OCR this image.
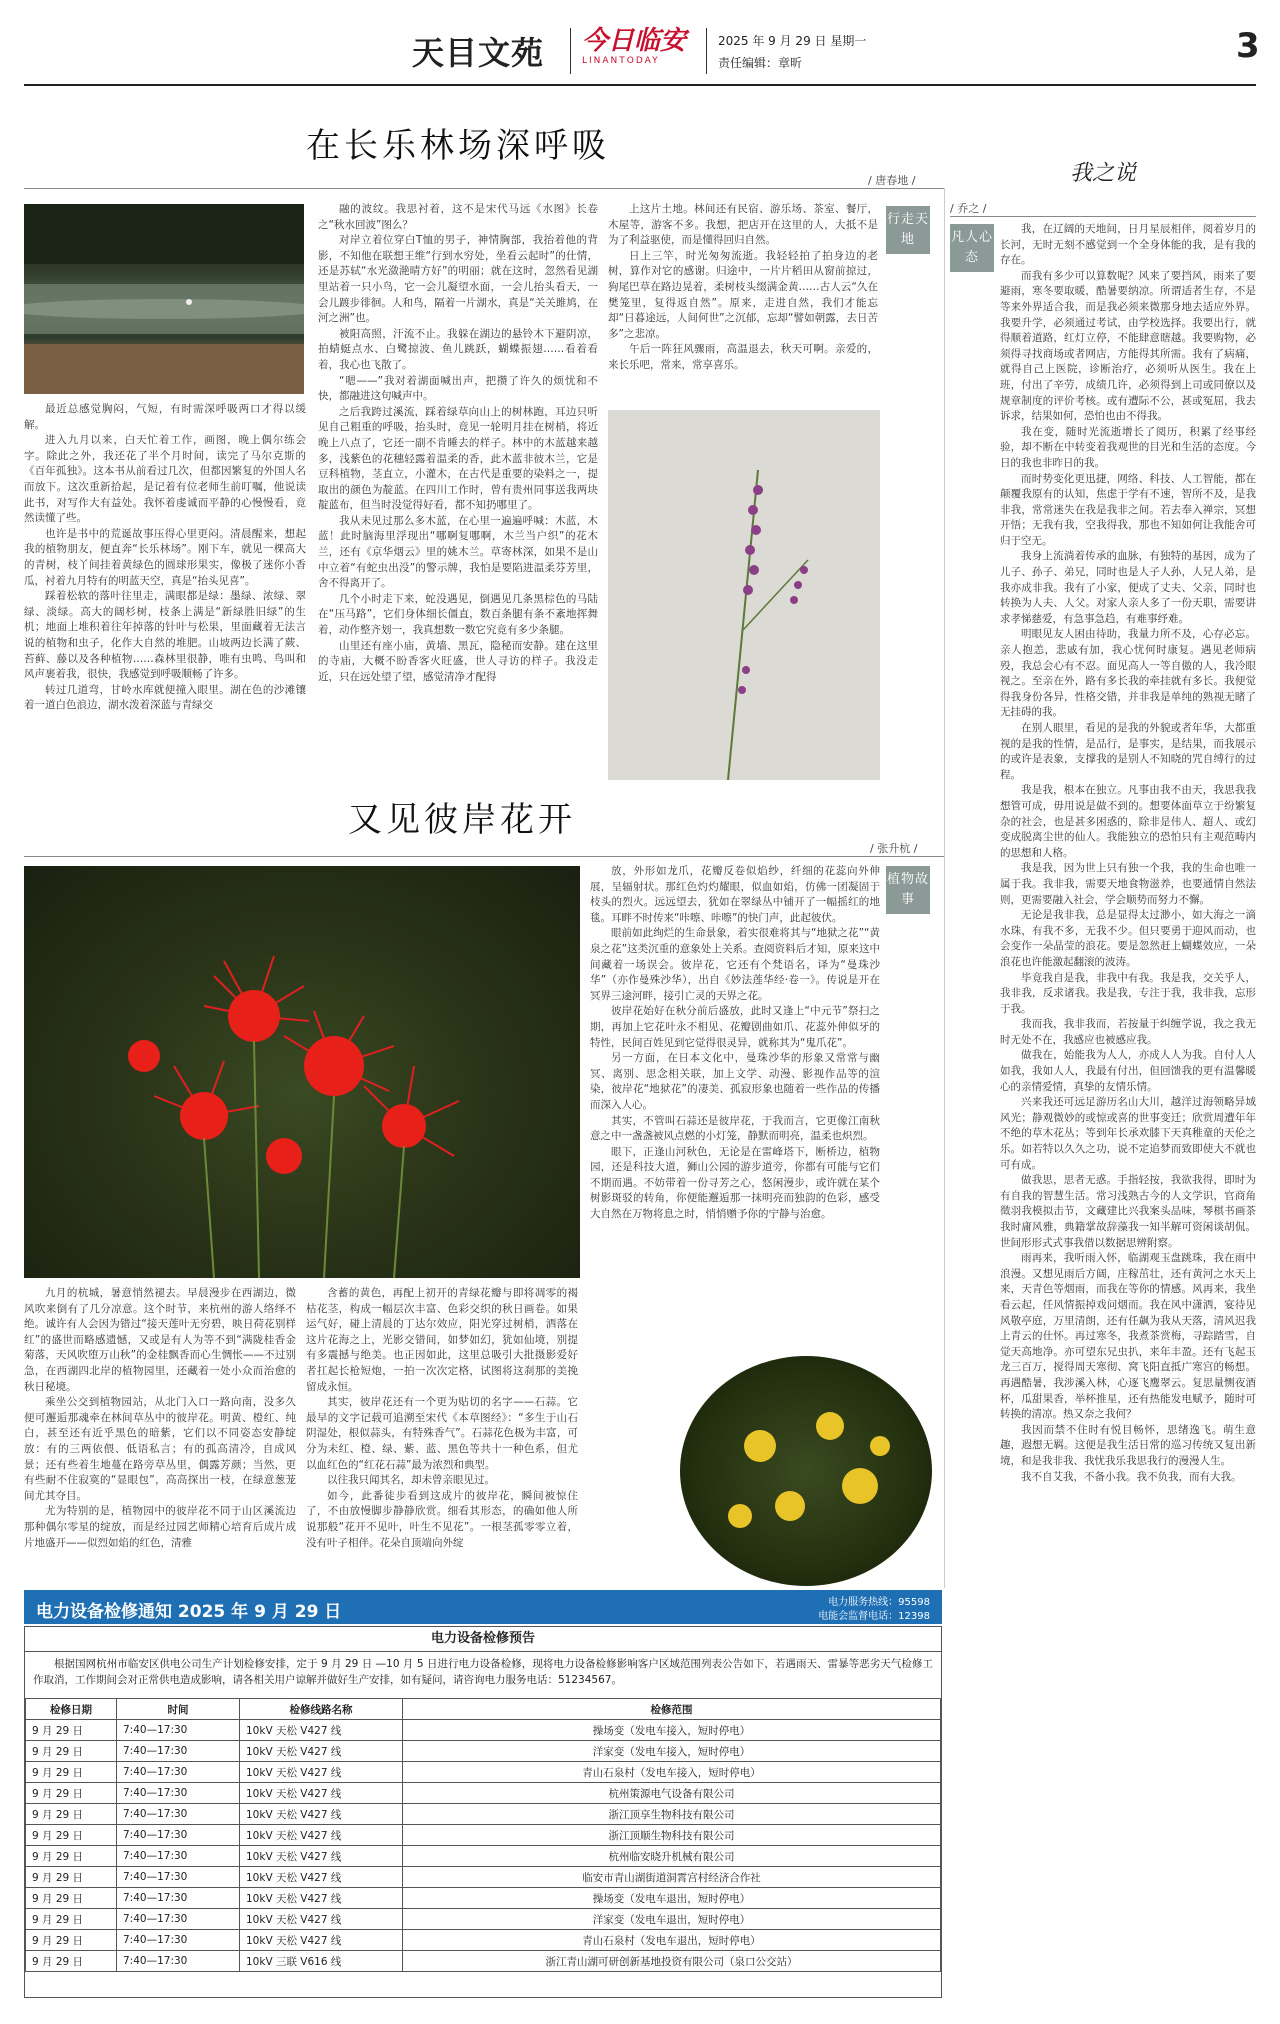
天目文苑 今日临安
LINANTODAY
2025 年 9 月 29 日 星期一
责任编辑：章昕	3
在长乐林场深呼吸
/ 唐春地 /

最近总感觉胸闷，气短，有时需深呼吸两口才得以缓解。

进入九月以来，白天忙着工作，画图，晚上偶尔练会字。除此之外，我还花了半个月时间，读完了马尔克斯的《百年孤独》。这本书从前看过几次，但都因繁复的外国人名而放下。这次重新拾起，是记着有位老师生前叮嘱，他说读此书，对写作大有益处。我怀着虔诚而平静的心慢慢看，竟然读懂了些。

也许是书中的荒诞故事压得心里更闷。清晨醒来，想起我的植物朋友，便直奔“长乐林场”。刚下车，就见一棵高大的青树，枝丫间挂着黄绿色的圆球形果实，像极了迷你小香瓜，衬着九月特有的明蓝天空，真是“抬头见喜”。

踩着松软的落叶往里走，满眼都是绿：墨绿、浓绿、翠绿、淡绿。高大的阔杉树，枝条上满是“新绿胜旧绿”的生机；地面上堆积着往年掉落的针叶与松果，里面藏着无法言说的植物和虫子，化作大自然的堆肥。山坡两边长满了蕨、苔藓、藤以及各种植物……森林里很静，唯有虫鸣、鸟叫和风声裹着我，很快，我感觉到呼吸顺畅了许多。

转过几道弯，甘岭水库就便撞入眼里。湖在色的沙滩镶着一道白色浪边，湖水泼着深蓝与青绿交

融的波纹。我思衬着，这不是宋代马远《水图》长卷之“秋水回波”图么？

对岸立着位穿白T恤的男子，神情胸部，我抬着他的背影，不知他在联想王维“行到水穷处，坐看云起时”的仕情，还是苏轼“水光潋滟晴方好”的明丽；就在这时，忽然看见湖里站着一只小鸟，它一会儿凝望水面，一会儿抬头看天，一会儿踱步徘徊。人和鸟，隔着一片湖水，真是“关关雎鸠，在河之洲”也。

被阳高照，汗流不止。我躲在湖边的悬铃木下避阴凉，拍蜻蜓点水、白鹭掠波、鱼儿跳跃，蝴蝶振翅……看着看着，我心也飞散了。

“嗯——”我对着湖面喊出声，把攒了许久的烦忧和不快，都融进这句喊声中。

之后我跨过溪流，踩着绿草向山上的树林跑，耳边只听见自己粗重的呼吸，抬头时，竟见一轮明月挂在树梢，将近晚上八点了，它还一副不肯睡去的样子。林中的木蓝越来越多，浅紫色的花穗轻露着温柔的香，此木蓝非彼木兰，它是豆科植物，茎直立，小灌木，在古代是重要的染料之一，提取出的颜色为靛蓝。在四川工作时，曾有贵州同事送我两块靛蓝布，但当时没觉得好看，都不知扔哪里了。

我从未见过那么多木蓝，在心里一遍遍呼喊：木蓝，木蓝！此时脑海里浮现出“哪啊复哪啊，木兰当户织”的花木兰，还有《京华烟云》里的姚木兰。草寄林深，如果不是山中立着“有蛇虫出没”的警示牌，我怕是要陷进温柔芬芳里，舍不得离开了。

几个小时走下来，蛇没遇见，倒遇见几条黑棕色的马陆在“压马路”，它们身体细长僵直，数百条腿有条不紊地挥舞着，动作整齐划一，我真想数一数它究竟有多少条腿。

山里还有座小庙，黄墙、黑瓦，隐秘而安静。建在这里的寺庙，大概不盼香客火旺盛，世人寻访的样子。我没走近，只在远处望了望，感觉清净才配得

上这片土地。林间还有民宿、游乐场、茶室、餐厅，木屋等，游客不多。我想，把店开在这里的人，大抵不是为了利益驱使，而是懂得回归自然。

日上三竿，时光匆匆流逝。我轻轻拍了拍身边的老树，算作对它的感谢。归途中，一片片稻田从窗前掠过，狗尾巴草在路边晃着，柔树枝头缀满金黄……古人云“久在樊笼里，复得返自然”。原来，走进自然，我们才能忘却“日暮途远，人间何世”之沉郁，忘却“譬如朝露，去日苦多”之悲凉。

午后一阵狂风骤雨，高温退去，秋天可啊。亲爱的，来长乐吧，常来，常享喜乐。

行走天地
又见彼岸花开
/ 张升杭 /

放，外形如龙爪，花瓣反卷似焰纱，纤细的花蕊向外伸展，呈辐射状。那红色灼灼耀眼，似血如焰，仿佛一团凝固于枝头的烈火。远远望去，犹如在翠绿丛中铺开了一幅摇红的地毯。耳畔不时传来“咔嚓、咔嚓”的快门声，此起彼伏。

眼前如此绚烂的生命景象，着实很难将其与“地狱之花”“黄泉之花”这类沉重的意象处上关系。查阅资料后才知，原来这中间藏着一场误会。彼岸花，它还有个梵语名，译为“曼珠沙华”（亦作曼殊沙华），出自《妙法莲华经·卷一》。传说是开在冥界三途河畔，接引亡灵的天界之花。

彼岸花始好在秋分前后盛放，此时又逢上“中元节”祭扫之期，再加上它花叶永不相见、花瓣剧曲如爪、花蕊外伸似牙的特性，民间百姓见到它觉得很灵异，就称其为“鬼爪花”。

另一方面，在日本文化中，曼珠沙华的形象又常常与幽冥、离别、思念相关联，加上文学、动漫、影视作品等的渲染，彼岸花“地狱花”的凄美、孤寂形象也随着一些作品的传播而深入人心。

其实，不管叫石蒜还是彼岸花，于我而言，它更像江南秋意之中一盏盏被风点燃的小灯笼，静默而明亮，温柔也炽烈。

眼下，正逢山河秋色，无论是在雷峰塔下，断桥边，植物园，还是科技大道，狮山公园的游步道旁，你都有可能与它们不期而遇。不妨带着一份寻芳之心，悠闲漫步，或许就在某个树影斑驳的转角，你便能邂逅那一抹明亮而独韵的色彩，感受大自然在万物将息之时，悄悄赠予你的宁静与治愈。

植物故事

九月的杭城，暑意悄然褪去。早晨漫步在西湖边，微风吹来倒有了几分凉意。这个时节，来杭州的游人络绎不绝。诚许有人会因为错过“接天莲叶无穷碧，映日荷花别样红”的盛世而略感遗憾，又或是有人为等不到“满陇桂香金菊落，天风吹堕万山秋”的金桂飘香而心生惆怅——不过别急，在西湖四北岸的植物园里，还藏着一处小众而治愈的秋日秘境。

乘坐公交到植物园站，从北门入口一路向南，没多久便可邂逅那魂牵在林间草丛中的彼岸花。明黄、橙红、纯白，甚至还有近乎黑色的暗紫，它们以不同姿态安静绽放：有的三两依偎、低语私言；有的孤高清冷，自成风景；还有些着生地蔓在路旁草丛里，偶露芳颜；当然，更有些耐不住寂寞的“显眼包”，高高探出一枝，在绿意葱茏间尤其夺目。

尤为特别的是，植物园中的彼岸花不同于山区溪流边那种偶尔零星的绽放，而是经过园艺师精心培育后成片成片地盛开——似烈如焰的红色，清雅

含蓄的黄色，再配上初开的青绿花瓣与即将凋零的褐枯花茎，构成一幅层次丰富、色彩交织的秋日画卷。如果运气好，碰上清晨的丁达尔效应，阳光穿过树梢，洒落在这片花海之上，光影交错间，如梦如幻，犹如仙境，别提有多震撼与绝美。也正因如此，这里总吸引大批摄影爱好者扛起长枪短炮，一拍一次次定格，试图将这刹那的美挽留成永恒。

其实，彼岸花还有一个更为贴切的名字——石蒜。它最早的文字记载可追溯至宋代《本草图经》：“多生于山石阴湿处，根似蒜头，有特殊香气”。石蒜花色极为丰富，可分为未红、橙、绿、紫、蓝、黑色等共十一种色系，但尤以血红色的“红花石蒜”最为浓烈和典型。

以往我只闻其名，却未曾亲眼见过。

如今，此番徒步看到这成片的彼岸花，瞬间被惊住了，不由放慢脚步静静欣赏。细看其形态，的确如他人所说那般“花开不见叶，叶生不见花”。一根茎孤零零立着，没有叶子相伴。花朵自顶端向外绽

我之说
/ 乔之 /
凡人心态

我，在辽阔的天地间，日月星辰相伴，阅着岁月的长河，无时无刻不感觉到一个全身体能的我，是有我的存在。

而我有多少可以算数呢？风来了要挡风，雨来了要避雨，寒冬要取暖，酷暑要纳凉。所谓适者生存，不是等来外界适合我，而是我必须来微那身地去适应外界。我要升学，必须通过考试，由学校选择。我要出行，就得顺着道路，红灯立停，不能肆意瞎越。我要购物，必须得寻找商场或者网店，方能得其所需。我有了病痛，就得自己上医院，诊断治疗，必须听从医生。我在上班，付出了辛劳，成绩几许，必须得到上司或同僚以及规章制度的评价考核。或有遭际不公，甚或冤屈，我去诉求，结果如何，恐怕也由不得我。

我在变，随时光流逝增长了阅历，积累了经事经验，却不断在中转变着我观世的目光和生活的态度。今日的我也非昨日的我。

而时势变化更迅捷，网络、科技、人工智能，都在颠覆我原有的认知，焦虑于学有不速，智所不及，是我非我，常常迷失在我是我非之间。若去奉入禅宗，冥想开悟；无我有我，空我得我，那也不知如何让我能舍可归于空无。

我身上流淌着传承的血脉，有独特的基因，成为了儿子、孙子、弟兄，同时也是人子人孙，人兄人弟，是我亦成非我。我有了小家，便成了丈夫、父亲，同时也转换为人夫、人父。对家人亲人多了一份天职，需要讲求孝悌慈爱，有急事急趋，有难事纾难。

明眼见友人困由待助，我量力所不及，心存必忘。亲人抱恙，悲戚有加，我心忧何时康复。遇见老师病殁，我总会心有不忍。面见高人一等自傲的人，我冷眼视之。至亲在外，路有多长我的牵挂就有多长。我便觉得我身份各异，性格交错，并非我是单纯的熟视无睹了无挂碍的我。

在别人眼里，看见的是我的外貌或者年华，大都重视的是我的性情，是品行，是事实，是结果，而我展示的或许是表象，支撑我的是别人不知晓的咒自缚行的过程。

我是我，根本在独立。凡事由我不由天，我思我我想管可成，毋用说是做不到的。想要体面草立于纷繁复杂的社会，也是甚多困惑的，除非是伟人、超人、或幻变成脱离尘世的仙人。我能独立的恐怕只有主观范畴内的思想和人格。

我是我，因为世上只有独一个我，我的生命也唯一属于我。我非我，需要天地食物滋养，也要通情自然法则，更需要融入社会，学会顺势而努力不懈。

无论是我非我，总是显得太过渺小，如大海之一滴水珠，有我不多，无我不少。但只要勇于迎风而动，也会变作一朵晶莹的浪花。要是忽然赶上蝴蝶效应，一朵浪花也许能激起翻滚的波涛。

毕竟我自是我，非我中有我。我是我，交关乎人，我非我，反求诸我。我是我，专注于我，我非我，忘形于我。

我而我，我非我而，若按量于纠缠学说，我之我无时无处不在，我感应也被感应我。

做我在，始能我为人人，亦成人人为我。自付人人如我，我如人人，我最有付出，但回馈我的更有温馨暖心的亲情爱情，真挚的友情乐情。

兴来我还可远足游历名山大川，越洋过海领略异域风光；静观微妙的或惊或喜的世事变迁；欣赏周遭年年不绝的草木花丛；等到年长承欢膝下天真稚童的天伦之乐。如若特以久久之功，说不定追梦而致即使大不就也可有成。

做我思，思者无惑。手指轻按，我欲我得，即时为有自我的智慧生活。常习浅熟古今的人文学识，官商角徵羽我模拟击节，文藏建比兴我案头品味，琴棋书画茶我时庸风雅，典籍掌故辞藻我一知半解可资闲谈胡侃。世间形形式式事我借以数据思辨附察。

雨再来，我听雨入怀，临湖观玉盘跳珠，我在雨中浪漫。又想见雨后方阔，庄稼茁壮，还有黄河之水天上来，天青色等烟雨，而我在等你的情感。风再来，我坐看云起，任风情振掉戏问烟而。我在风中潇洒，宴待见风敬亭庭，万里清朗，还有任飙为我从天落，清风迟我上青云的仕怀。再过寒冬，我煮茶赏梅，寻踪踏雪，自觉天高地净。亦可望东兄虫扒，来年丰盈。还有飞起玉龙三百万，搅得周天寒彻、窝飞阳直抵广寒宫的畅想。再遇酷暑，我涉溪入林，心逐飞鹰翠云。复思量恻夜酒杯，瓜甜果香，举杯推星，还有热能发电赋予，随时可转换的清凉。热又奈之我何？

我因而禁不住时有悦目畅怀，思绪逸飞。萌生意趣，遐想无羁。这便是我生活日常的巡习传统又复出新境，和是我非我、我忧我乐我思我行的漫漫人生。

我不自艾我，不备小我。我不负我，而有大我。

电力设备检修通知 2025 年 9 月 29 日	电力服务热线：95598
电能会监督电话：12398
电力设备检修预告
根据国网杭州市临安区供电公司生产计划检修安排，定于 9 月 29 日 —10 月 5 日进行电力设备检修，现将电力设备检修影响客户区域范围列表公告如下，若遇雨天、雷暴等恶劣天气检修工作取消，工作期间会对正常供电造成影响，请各相关用户谅解并做好生产安排，如有疑问，请咨询电力服务电话：51234567。
检修日期	时间	检修线路名称	检修范围
9 月 29 日	7:40—17:30	10kV 天松 V427 线	操场变（发电车接入，短时停电）
9 月 29 日	7:40—17:30	10kV 天松 V427 线	洋家变（发电车接入，短时停电）
9 月 29 日	7:40—17:30	10kV 天松 V427 线	青山石泉村（发电车接入，短时停电）
9 月 29 日	7:40—17:30	10kV 天松 V427 线	杭州策源电气设备有限公司
9 月 29 日	7:40—17:30	10kV 天松 V427 线	浙江顶享生物科技有限公司
9 月 29 日	7:40—17:30	10kV 天松 V427 线	浙江顶顺生物科技有限公司
9 月 29 日	7:40—17:30	10kV 天松 V427 线	杭州临安晓升机械有限公司
9 月 29 日	7:40—17:30	10kV 天松 V427 线	临安市青山湖街道洞霄宫村经济合作社
9 月 29 日	7:40—17:30	10kV 天松 V427 线	操场变（发电车退出，短时停电）
9 月 29 日	7:40—17:30	10kV 天松 V427 线	洋家变（发电车退出，短时停电）
9 月 29 日	7:40—17:30	10kV 天松 V427 线	青山石泉村（发电车退出，短时停电）
9 月 29 日	7:40—17:30	10kV 三联 V616 线	浙江青山湖可研创新基地投资有限公司（泉口公交站）
